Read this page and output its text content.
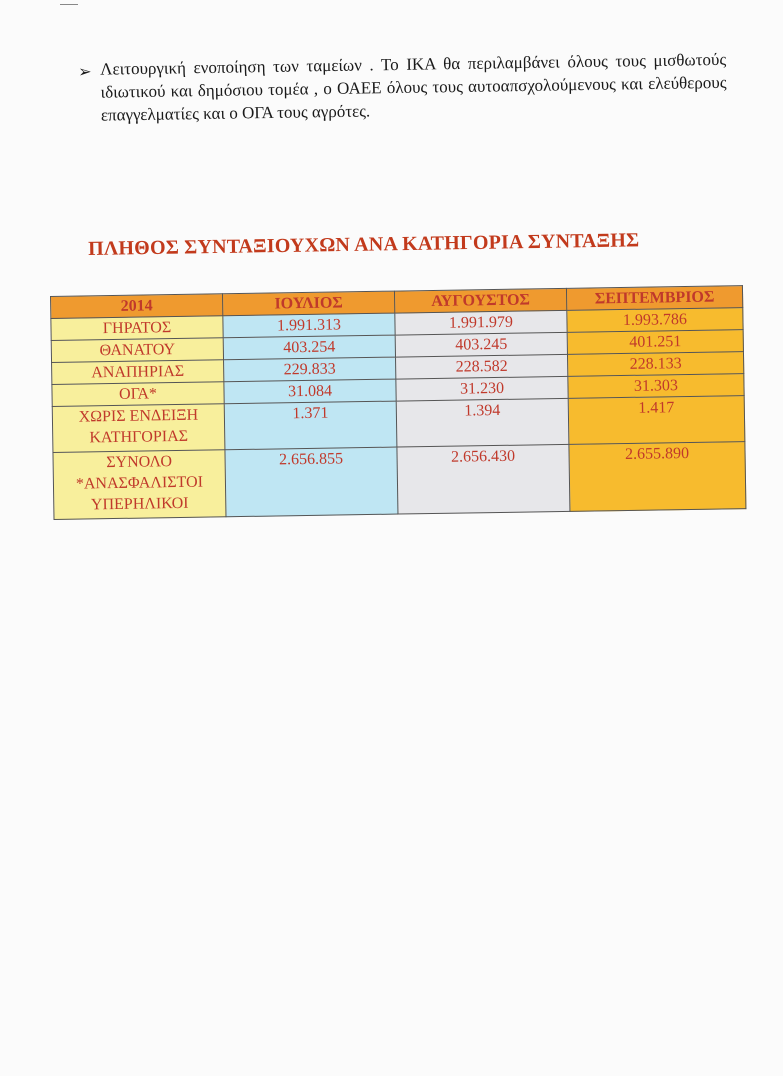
➢ Λειτουργική ενοποίηση των ταμείων . Το ΙΚΑ θα περιλαμβάνει όλους τους μισθωτούς ιδιωτικού και δημόσιου τομέα , ο ΟΑΕΕ όλους τους αυτοαπσχολούμενους και ελεύθερους επαγγελματίες και ο ΟΓΑ τους αγρότες.
ΠΛΗΘΟΣ ΣΥΝΤΑΞΙΟΥΧΩΝ ΑΝΑ ΚΑΤΗΓΟΡΙΑ ΣΥΝΤΑΞΗΣ
2014	ΙΟΥΛΙΟΣ	ΑΥΓΟΥΣΤΟΣ	ΣΕΠΤΕΜΒΡΙΟΣ

ΓΗΡΑΤΟΣ	1.991.313	1.991.979	1.993.786

ΘΑΝΑΤΟΥ	403.254	403.245	401.251

ΑΝΑΠΗΡΙΑΣ	229.833	228.582	228.133

ΟΓΑ*	31.084	31.230	31.303

ΧΩΡΙΣ ΕΝΔΕΙΞΗ
ΚΑΤΗΓΟΡΙΑΣ	1.371	1.394	1.417

ΣΥΝΟΛΟ
*ΑΝΑΣΦΑΛΙΣΤΟΙ
ΥΠΕΡΗΛΙΚΟΙ	2.656.855	2.656.430	2.655.890
